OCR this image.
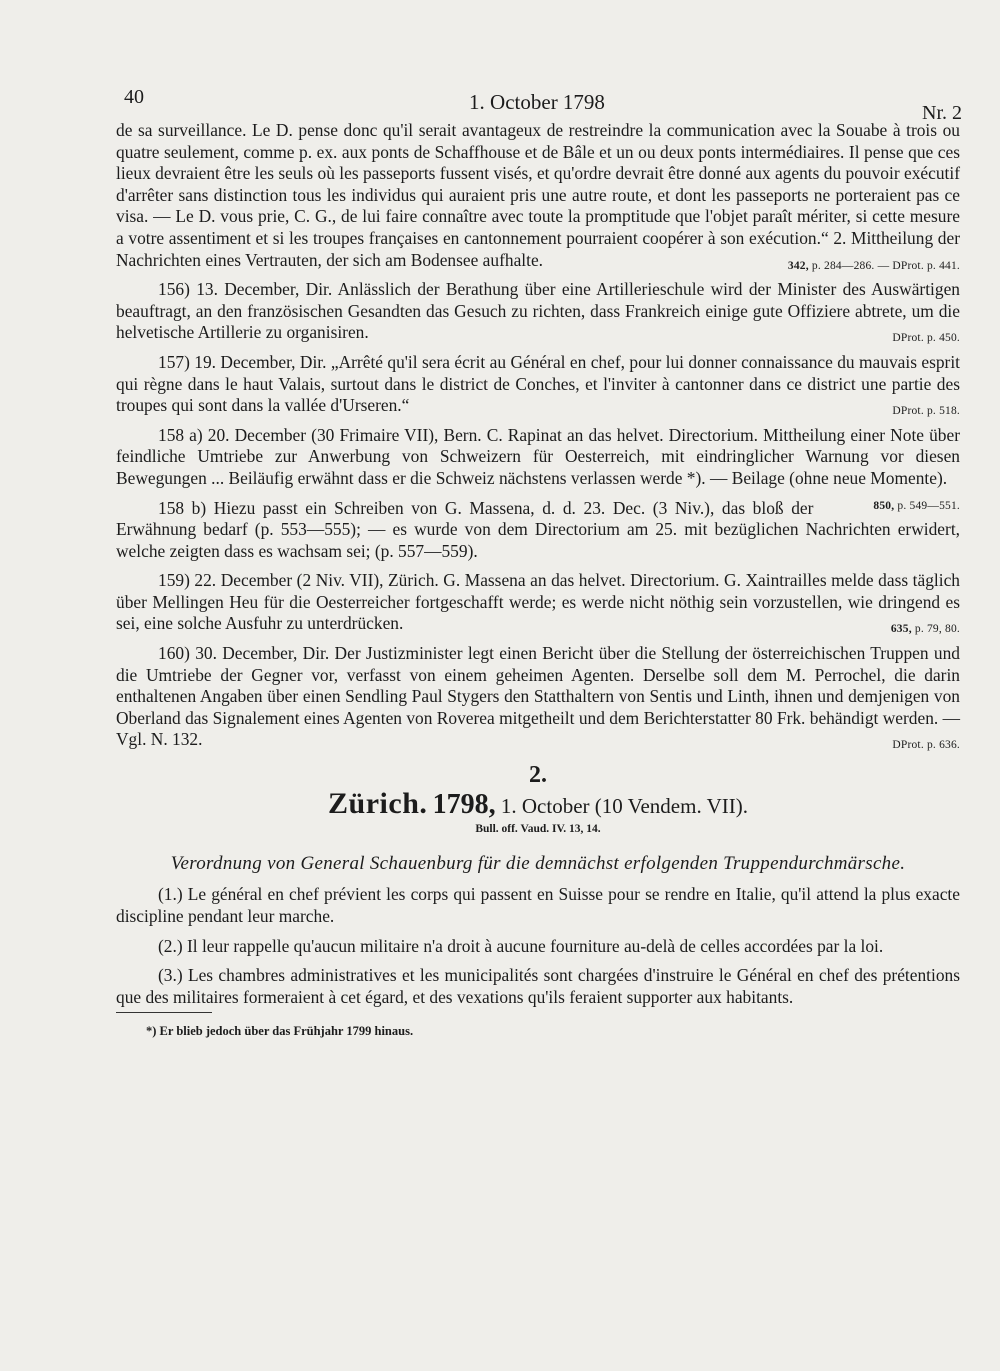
40	1. October 1798	Nr. 2

de sa surveillance. Le D. pense donc qu'il serait avantageux de restreindre la communication avec la Souabe à trois ou quatre seulement, comme p. ex. aux ponts de Schaffhouse et de Bâle et un ou deux ponts intermédiaires. Il pense que ces lieux devraient être les seuls où les passeports fussent visés, et qu'ordre devrait être donné aux agents du pouvoir exécutif d'arrêter sans distinction tous les individus qui auraient pris une autre route, et dont les passeports ne porteraient pas ce visa. — Le D. vous prie, C. G., de lui faire connaître avec toute la promptitude que l'objet paraît mériter, si cette mesure a votre assentiment et si les troupes françaises en cantonnement pourraient coopérer à son exécution.“ 2. Mittheilung der Nachrichten eines Vertrauten, der sich am Bodensee aufhalte.	342, p. 284—286. — DProt. p. 441.

156) 13. December, Dir. Anlässlich der Berathung über eine Artillerieschule wird der Minister des Auswärtigen beauftragt, an den französischen Gesandten das Gesuch zu richten, dass Frankreich einige gute Offiziere abtrete, um die helvetische Artillerie zu organisiren.	DProt. p. 450.

157) 19. December, Dir. „Arrêté qu'il sera écrit au Général en chef, pour lui donner connaissance du mauvais esprit qui règne dans le haut Valais, surtout dans le district de Conches, et l'inviter à cantonner dans ce district une partie des troupes qui sont dans la vallée d'Urseren.“	DProt. p. 518.

158 a) 20. December (30 Frimaire VII), Bern. C. Rapinat an das helvet. Directorium. Mittheilung einer Note über feindliche Umtriebe zur Anwerbung von Schweizern für Oesterreich, mit eindringlicher Warnung vor diesen Bewegungen ... Beiläufig erwähnt dass er die Schweiz nächstens verlassen werde *). — Beilage (ohne neue Momente).
850, p. 549—551.

158 b) Hiezu passt ein Schreiben von G. Massena, d. d. 23. Dec. (3 Niv.), das bloß der Erwähnung bedarf (p. 553—555); — es wurde von dem Directorium am 25. mit bezüglichen Nachrichten erwidert, welche zeigten dass es wachsam sei; (p. 557—559).

159) 22. December (2 Niv. VII), Zürich. G. Massena an das helvet. Directorium. G. Xaintrailles melde dass täglich über Mellingen Heu für die Oesterreicher fortgeschafft werde; es werde nicht nöthig sein vorzustellen, wie dringend es sei, eine solche Ausfuhr zu unterdrücken.	635, p. 79, 80.

160) 30. December, Dir. Der Justizminister legt einen Bericht über die Stellung der österreichischen Truppen und die Umtriebe der Gegner vor, verfasst von einem geheimen Agenten. Derselbe soll dem M. Perrochel, die darin enthaltenen Angaben über einen Sendling Paul Stygers den Statthaltern von Sentis und Linth, ihnen und demjenigen von Oberland das Signalement eines Agenten von Roverea mitgetheilt und dem Berichterstatter 80 Frk. behändigt werden. — Vgl. N. 132.	DProt. p. 636.

2.
Zürich. 1798, 1. October (10 Vendem. VII).
Bull. off. Vaud. IV. 13, 14.
Verordnung von General Schauenburg für die demnächst erfolgenden Truppendurchmärsche.

(1.) Le général en chef prévient les corps qui passent en Suisse pour se rendre en Italie, qu'il attend la plus exacte discipline pendant leur marche.

(2.) Il leur rappelle qu'aucun militaire n'a droit à aucune fourniture au-delà de celles accordées par la loi.

(3.) Les chambres administratives et les municipalités sont chargées d'instruire le Général en chef des prétentions que des militaires formeraient à cet égard, et des vexations qu'ils feraient supporter aux habitants.

*) Er blieb jedoch über das Frühjahr 1799 hinaus.
